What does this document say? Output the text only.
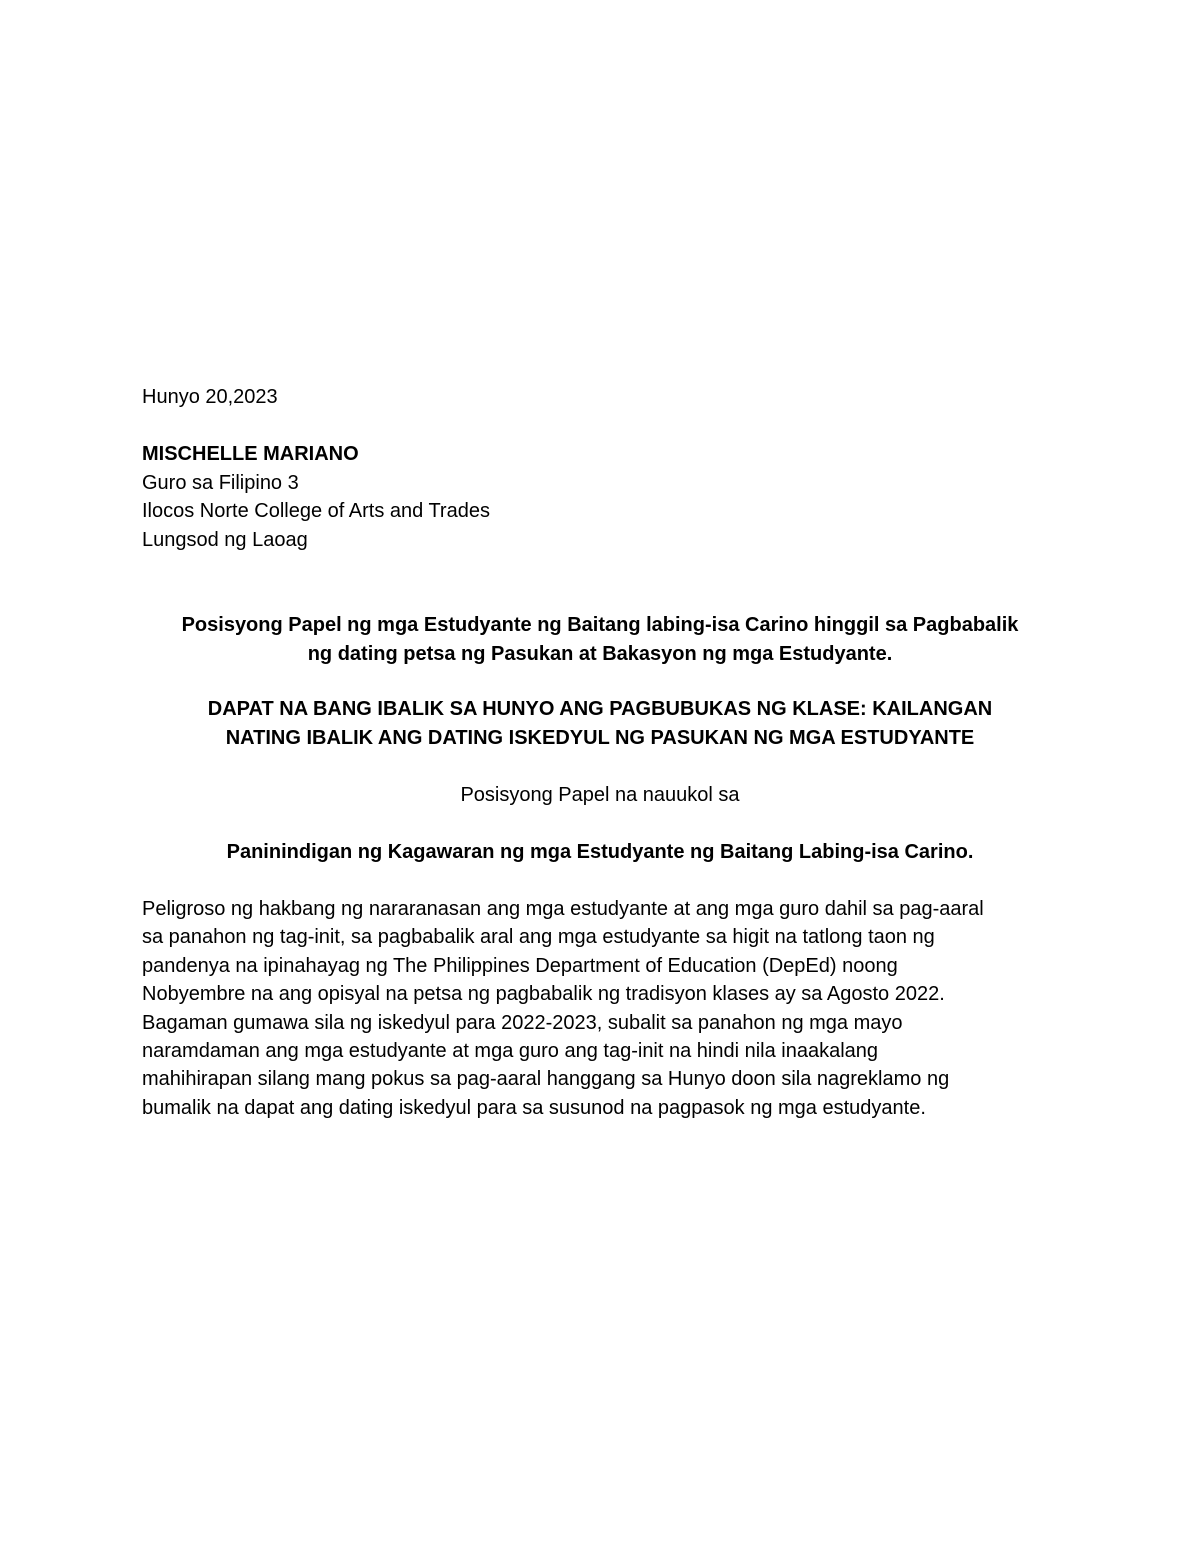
Hunyo 20,2023
MISCHELLE MARIANO
Guro sa Filipino 3
Ilocos Norte College of Arts and Trades
Lungsod ng Laoag
Posisyong Papel ng mga Estudyante ng Baitang labing-isa Carino hinggil sa Pagbabalik
ng dating petsa ng Pasukan at Bakasyon ng mga Estudyante.
DAPAT NA BANG IBALIK SA HUNYO ANG PAGBUBUKAS NG KLASE: KAILANGAN
NATING IBALIK ANG DATING ISKEDYUL NG PASUKAN NG MGA ESTUDYANTE
Posisyong Papel na nauukol sa
Paninindigan ng Kagawaran ng mga Estudyante ng Baitang Labing-isa Carino.
Peligroso ng hakbang ng nararanasan ang mga estudyante at ang mga guro dahil sa pag-aaral
sa panahon ng tag-init, sa pagbabalik aral ang mga estudyante sa higit na tatlong taon ng
pandenya na ipinahayag ng The Philippines Department of Education (DepEd) noong
Nobyembre na ang opisyal na petsa ng pagbabalik ng tradisyon klases ay sa Agosto 2022.
Bagaman gumawa sila ng iskedyul para 2022-2023, subalit sa panahon ng mga mayo
naramdaman ang mga estudyante at mga guro ang tag-init na hindi nila inaakalang
mahihirapan silang mang pokus sa pag-aaral hanggang sa Hunyo doon sila nagreklamo ng
bumalik na dapat ang dating iskedyul para sa susunod na pagpasok ng mga estudyante.
